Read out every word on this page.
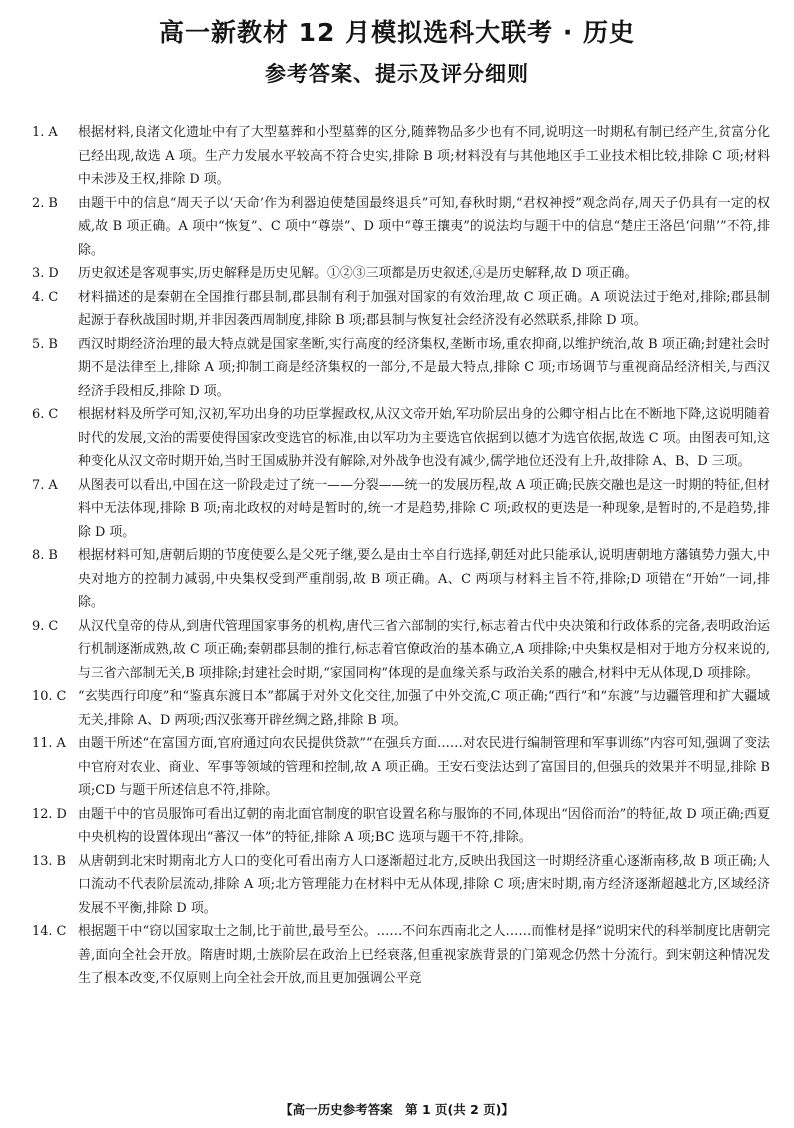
高一新教材 12 月模拟选科大联考 · 历史
参考答案、提示及评分细则
1. A	根据材料,良渚文化遗址中有了大型墓葬和小型墓葬的区分,随葬物品多少也有不同,说明这一时期私有制已经产生,贫富分化已经出现,故选 A 项。生产力发展水平较高不符合史实,排除 B 项;材料没有与其他地区手工业技术相比较,排除 C 项;材料中未涉及王权,排除 D 项。
2. B	由题干中的信息“周天子以‘天命’作为利器迫使楚国最终退兵”可知,春秋时期,“君权神授”观念尚存,周天子仍具有一定的权威,故 B 项正确。A 项中“恢复”、C 项中“尊崇”、D 项中“尊王攘夷”的说法均与题干中的信息“楚庄王洛邑‘问鼎’”不符,排除。
3. D	历史叙述是客观事实,历史解释是历史见解。①②③三项都是历史叙述,④是历史解释,故 D 项正确。
4. C	材料描述的是秦朝在全国推行郡县制,郡县制有利于加强对国家的有效治理,故 C 项正确。A 项说法过于绝对,排除;郡县制起源于春秋战国时期,并非因袭西周制度,排除 B 项;郡县制与恢复社会经济没有必然联系,排除 D 项。
5. B	西汉时期经济治理的最大特点就是国家垄断,实行高度的经济集权,垄断市场,重农抑商,以维护统治,故 B 项正确;封建社会时期不是法律至上,排除 A 项;抑制工商是经济集权的一部分,不是最大特点,排除 C 项;市场调节与重视商品经济相关,与西汉经济手段相反,排除 D 项。
6. C	根据材料及所学可知,汉初,军功出身的功臣掌握政权,从汉文帝开始,军功阶层出身的公卿守相占比在不断地下降,这说明随着时代的发展,文治的需要使得国家改变选官的标准,由以军功为主要选官依据到以德才为选官依据,故选 C 项。由图表可知,这种变化从汉文帝时期开始,当时王国威胁并没有解除,对外战争也没有减少,儒学地位还没有上升,故排除 A、B、D 三项。
7. A	从图表可以看出,中国在这一阶段走过了统一——分裂——统一的发展历程,故 A 项正确;民族交融也是这一时期的特征,但材料中无法体现,排除 B 项;南北政权的对峙是暂时的,统一才是趋势,排除 C 项;政权的更迭是一种现象,是暂时的,不是趋势,排除 D 项。
8. B	根据材料可知,唐朝后期的节度使要么是父死子继,要么是由士卒自行选择,朝廷对此只能承认,说明唐朝地方藩镇势力强大,中央对地方的控制力减弱,中央集权受到严重削弱,故 B 项正确。A、C 两项与材料主旨不符,排除;D 项错在“开始”一词,排除。
9. C	从汉代皇帝的侍从,到唐代管理国家事务的机构,唐代三省六部制的实行,标志着古代中央决策和行政体系的完备,表明政治运行机制逐渐成熟,故 C 项正确;秦朝郡县制的推行,标志着官僚政治的基本确立,A 项排除;中央集权是相对于地方分权来说的,与三省六部制无关,B 项排除;封建社会时期,“家国同构”体现的是血缘关系与政治关系的融合,材料中无从体现,D 项排除。
10. C “玄奘西行印度”和“鉴真东渡日本”都属于对外文化交往,加强了中外交流,C 项正确;“西行”和“东渡”与边疆管理和扩大疆域无关,排除 A、D 两项;西汉张骞开辟丝绸之路,排除 B 项。
11. A 由题干所述“在富国方面,官府通过向农民提供贷款”“在强兵方面……对农民进行编制管理和军事训练”内容可知,强调了变法中官府对农业、商业、军事等领域的管理和控制,故 A 项正确。王安石变法达到了富国目的,但强兵的效果并不明显,排除 B 项;CD 与题干所述信息不符,排除。
12. D 由题干中的官员服饰可看出辽朝的南北面官制度的职官设置名称与服饰的不同,体现出“因俗而治”的特征,故 D 项正确;西夏中央机构的设置体现出“蕃汉一体”的特征,排除 A 项;BC 选项与题干不符,排除。
13. B 从唐朝到北宋时期南北方人口的变化可看出南方人口逐渐超过北方,反映出我国这一时期经济重心逐渐南移,故 B 项正确;人口流动不代表阶层流动,排除 A 项;北方管理能力在材料中无从体现,排除 C 项;唐宋时期,南方经济逐渐超越北方,区域经济发展不平衡,排除 D 项。
14. C 根据题干中“窃以国家取士之制,比于前世,最号至公。……不问东西南北之人……而惟材是择”说明宋代的科举制度比唐朝完善,面向全社会开放。隋唐时期,士族阶层在政治上已经衰落,但重视家族背景的门第观念仍然十分流行。到宋朝这种情况发生了根本改变,不仅原则上向全社会开放,而且更加强调公平竞
【高一历史参考答案　第 1 页(共 2 页)】
